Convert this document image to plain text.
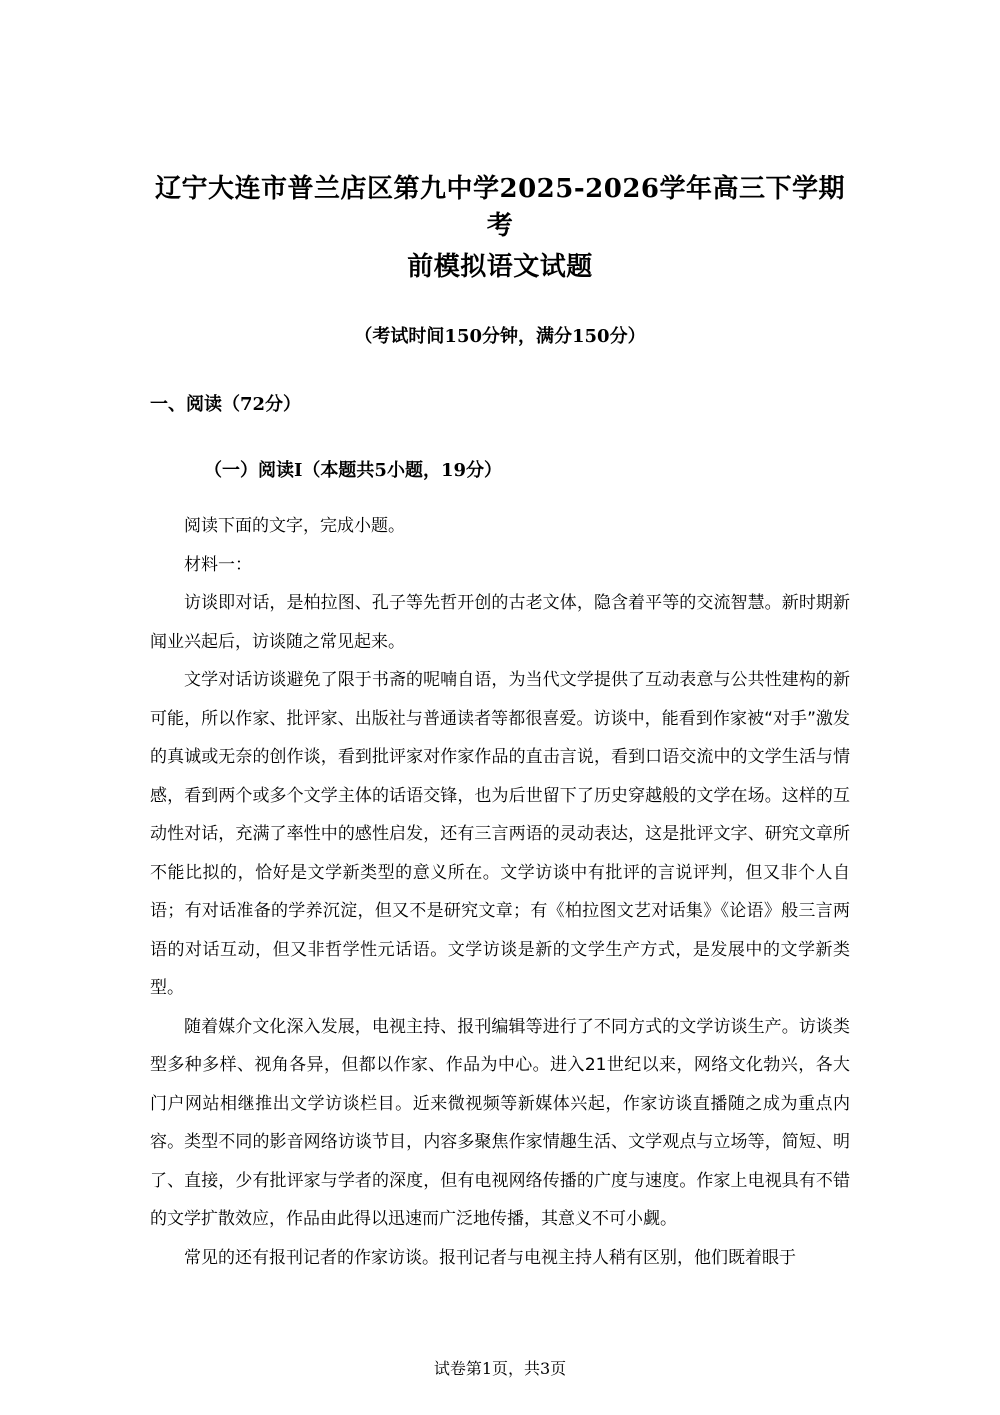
辽宁大连市普兰店区第九中学2025-2026学年高三下学期考
前模拟语文试题
（考试时间150分钟，满分150分）
一、阅读（72分）
（一）阅读Ⅰ（本题共5小题，19分）

阅读下面的文字，完成小题。

材料一：

访谈即对话，是柏拉图、孔子等先哲开创的古老文体，隐含着平等的交流智慧。新时期新闻业兴起后，访谈随之常见起来。

文学对话访谈避免了限于书斋的呢喃自语，为当代文学提供了互动表意与公共性建构的新可能，所以作家、批评家、出版社与普通读者等都很喜爱。访谈中，能看到作家被“对手”激发的真诚或无奈的创作谈，看到批评家对作家作品的直击言说，看到口语交流中的文学生活与情感，看到两个或多个文学主体的话语交锋，也为后世留下了历史穿越般的文学在场。这样的互动性对话，充满了率性中的感性启发，还有三言两语的灵动表达，这是批评文字、研究文章所不能比拟的，恰好是文学新类型的意义所在。文学访谈中有批评的言说评判，但又非个人自语；有对话准备的学养沉淀，但又不是研究文章；有《柏拉图文艺对话集》《论语》般三言两语的对话互动，但又非哲学性元话语。文学访谈是新的文学生产方式，是发展中的文学新类型。

随着媒介文化深入发展，电视主持、报刊编辑等进行了不同方式的文学访谈生产。访谈类型多种多样、视角各异，但都以作家、作品为中心。进入21世纪以来，网络文化勃兴，各大门户网站相继推出文学访谈栏目。近来微视频等新媒体兴起，作家访谈直播随之成为重点内容。类型不同的影音网络访谈节目，内容多聚焦作家情趣生活、文学观点与立场等，简短、明了、直接，少有批评家与学者的深度，但有电视网络传播的广度与速度。作家上电视具有不错的文学扩散效应，作品由此得以迅速而广泛地传播，其意义不可小觑。

常见的还有报刊记者的作家访谈。报刊记者与电视主持人稍有区别，他们既着眼于

试卷第1页，共3页
